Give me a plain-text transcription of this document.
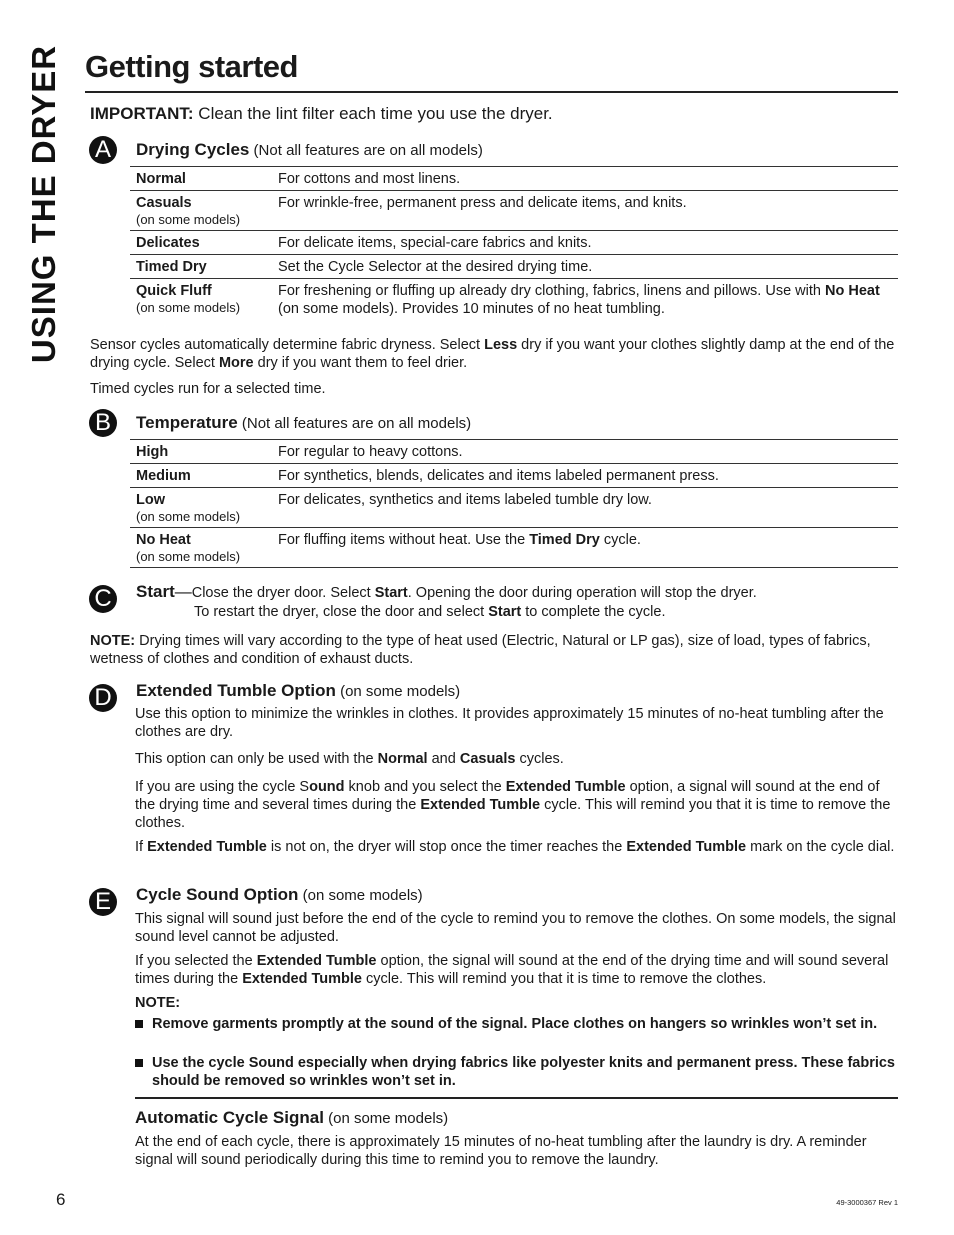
USING THE DRYER Getting started
IMPORTANT: Clean the lint filter each time you use the dryer.
A	Drying Cycles (Not all features are on all models)
Normal	For cottons and most linens.
Casuals
(on some models)	For wrinkle-free, permanent press and delicate items, and knits.
Delicates	For delicate items, special-care fabrics and knits.
Timed Dry	Set the Cycle Selector at the desired drying time.
Quick Fluff
(on some models)	For freshening or fluffing up already dry clothing, fabrics, linens and pillows. Use with No Heat (on some models). Provides 10 minutes of no heat tumbling.
Sensor cycles automatically determine fabric dryness. Select Less dry if you want your clothes slightly damp at the end of the drying cycle. Select More dry if you want them to feel drier.
Timed cycles run for a selected time.
B	Temperature (Not all features are on all models)
High	For regular to heavy cottons.
Medium	For synthetics, blends, delicates and items labeled permanent press.
Low
(on some models)	For delicates, synthetics and items labeled tumble dry low.
No Heat
(on some models)	For fluffing items without heat. Use the Timed Dry cycle.
C	Start—Close the dryer door. Select Start. Opening the door during operation will stop the dryer.
To restart the dryer, close the door and select Start to complete the cycle.
NOTE: Drying times will vary according to the type of heat used (Electric, Natural or LP gas), size of load, types of fabrics, wetness of clothes and condition of exhaust ducts.
D	Extended Tumble Option (on some models)
Use this option to minimize the wrinkles in clothes. It provides approximately 15 minutes of no-heat tumbling after the clothes are dry.
This option can only be used with the Normal and Casuals cycles.
If you are using the cycle Sound knob and you select the Extended Tumble option, a signal will sound at the end of the drying time and several times during the Extended Tumble cycle. This will remind you that it is time to remove the clothes.
If Extended Tumble is not on, the dryer will stop once the timer reaches the Extended Tumble mark on the cycle dial.
E	Cycle Sound Option (on some models)
This signal will sound just before the end of the cycle to remind you to remove the clothes. On some models, the signal sound level cannot be adjusted.
If you selected the Extended Tumble option, the signal will sound at the end of the drying time and will sound several times during the Extended Tumble cycle. This will remind you that it is time to remove the clothes.
NOTE:
Remove garments promptly at the sound of the signal. Place clothes on hangers so wrinkles won’t set in.
Use the cycle Sound especially when drying fabrics like polyester knits and permanent press. These fabrics should be removed so wrinkles won’t set in.
Automatic Cycle Signal (on some models)
At the end of each cycle, there is approximately 15 minutes of no-heat tumbling after the laundry is dry. A reminder signal will sound periodically during this time to remind you to remove the laundry.
6	49-3000367 Rev 1
